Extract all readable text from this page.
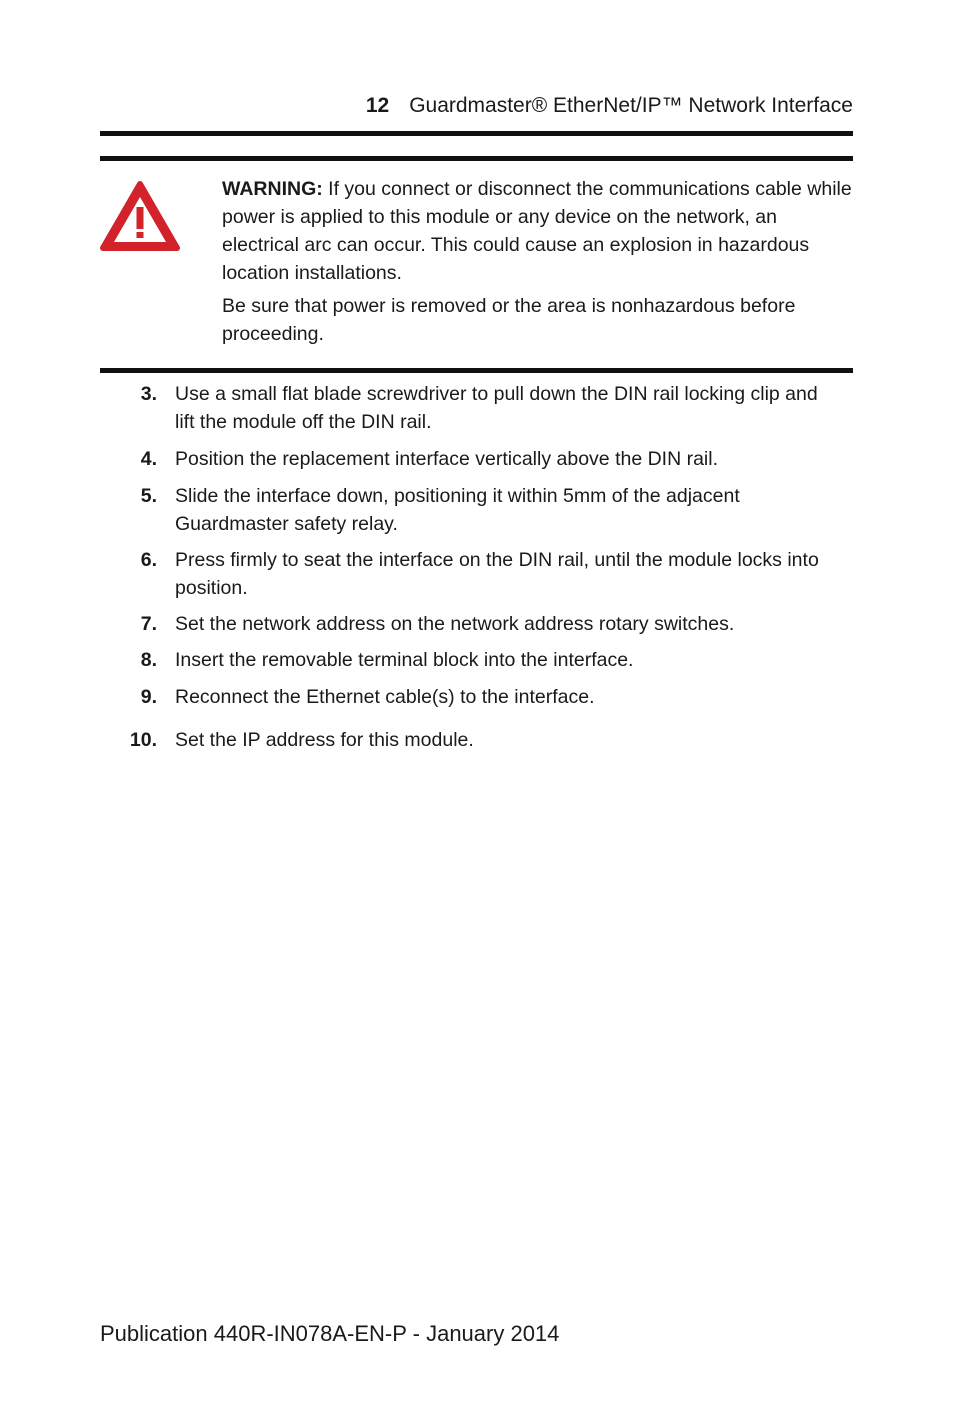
12 Guardmaster® EtherNet/IP™ Network Interface

WARNING: If you connect or disconnect the communications cable while power is applied to this module or any device on the network, an electrical arc can occur. This could cause an explosion in hazardous location installations.

Be sure that power is removed or the area is nonhazardous before proceeding.

3. Use a small flat blade screwdriver to pull down the DIN rail locking clip and lift the module off the DIN rail.
4. Position the replacement interface vertically above the DIN rail.
5. Slide the interface down, positioning it within 5mm of the adjacent Guardmaster safety relay.
6. Press firmly to seat the interface on the DIN rail, until the module locks into position.
7. Set the network address on the network address rotary switches.
8. Insert the removable terminal block into the interface.
9. Reconnect the Ethernet cable(s) to the interface.
10. Set the IP address for this module.
Publication 440R-IN078A-EN-P - January 2014
